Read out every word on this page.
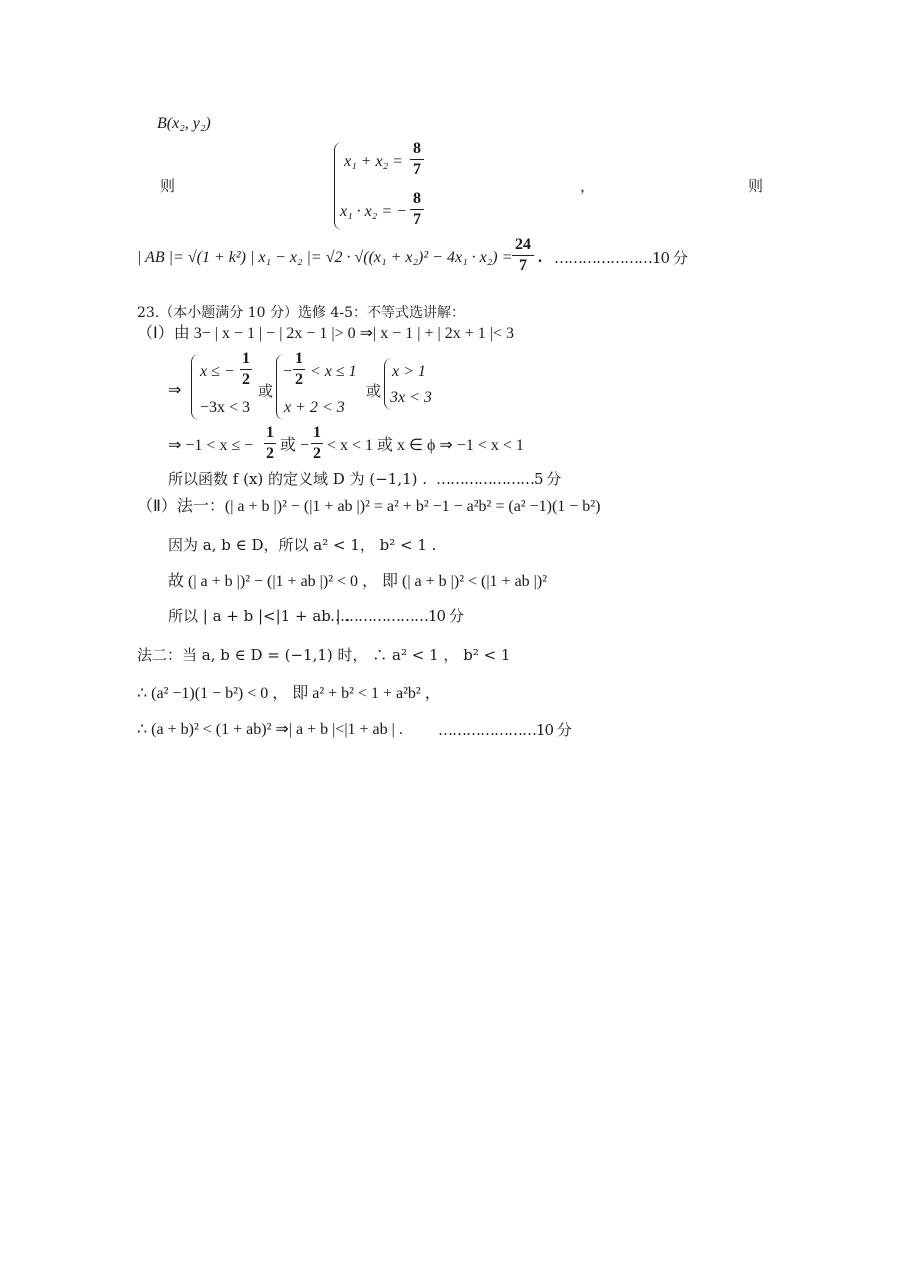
B(x₂, y₂)
则
x₁ + x₂ =
8
7
x₁ · x₂ = −
8
7
，	则
| AB |= √(1 + k²) | x₁ − x₂ |= √2 · √((x₁ + x₂)² − 4x₁ · x₂) =
24
7 . …………………10 分
23.（本小题满分 10 分）选修 4-5：不等式选讲解：
（Ⅰ）由 3− | x − 1 | − | 2x − 1 |> 0 ⇒| x − 1 | + | 2x + 1 |< 3
⇒
x ≤ −
1
2
−3x < 3
或
−
1
2 < x ≤ 1
x + 2 < 3
或
x > 1
3x < 3
⇒ −1 < x ≤ −
1
2 或 −
1
2 < x < 1 或 x ∈ ϕ ⇒ −1 < x < 1
所以函数 f (x) 的定义域 D 为 (−1,1) . …………………5 分
（Ⅱ）法一：(| a + b |)² − (|1 + ab |)² = a² + b² −1 − a²b² = (a² −1)(1 − b²)
因为 a, b ∈ D，所以 a² < 1， b² < 1 .
故 (| a + b |)² − (|1 + ab |)² < 0 ， 即 (| a + b |)² < (|1 + ab |)²
所以 | a + b |<|1 + ab | .
…………………10 分
法二：当 a, b ∈ D = (−1,1) 时， ∴ a² < 1 ， b² < 1
∴ (a² −1)(1 − b²) < 0 ， 即 a² + b² < 1 + a²b² ，
∴ (a + b)² < (1 + ab)² ⇒| a + b |<|1 + ab | . …………………10 分
